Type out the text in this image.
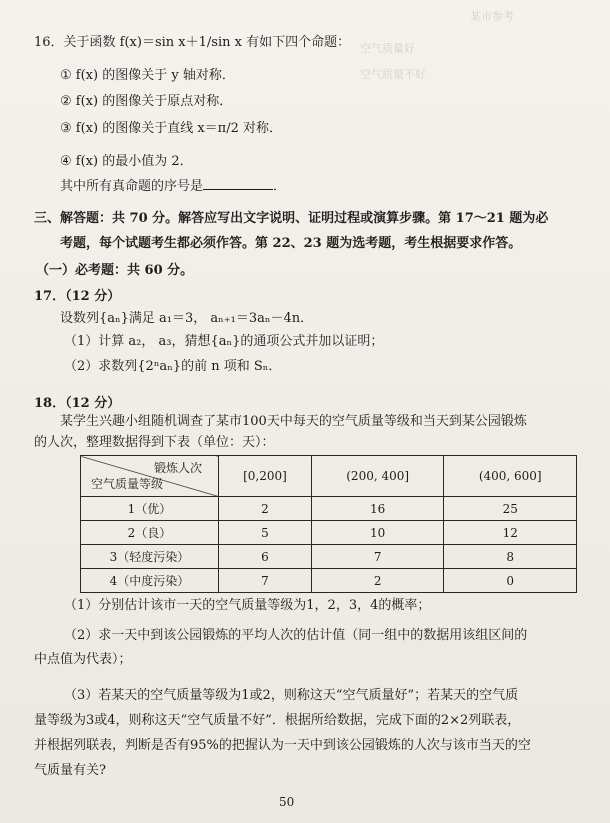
空气质量好
空气质量不好
某市参考
16．关于函数 f(x)＝sin x＋1/sin x 有如下四个命题：
① f(x) 的图像关于 y 轴对称．
② f(x) 的图像关于原点对称．
③ f(x) 的图像关于直线 x＝π/2 对称．
④ f(x) 的最小值为 2．
其中所有真命题的序号是	．
三、解答题：共 70 分。解答应写出文字说明、证明过程或演算步骤。第 17～21 题为必
考题，每个试题考生都必须作答。第 22、23 题为选考题，考生根据要求作答。
（一）必考题：共 60 分。
17．（12 分）
设数列{aₙ}满足 a₁＝3， aₙ₊₁＝3aₙ－4n．
（1）计算 a₂， a₃，猜想{aₙ}的通项公式并加以证明；
（2）求数列{2ⁿaₙ}的前 n 项和 Sₙ．
18．（12 分）
某学生兴趣小组随机调查了某市100天中每天的空气质量等级和当天到某公园锻炼
的人次，整理数据得到下表（单位：天）：
锻炼人次
空气质量等级	[0,200]	(200, 400]	(400, 600]
1（优）	2	16	25
2（良）	5	10	12
3（轻度污染）	6	7	8
4（中度污染）	7	2	0
（1）分别估计该市一天的空气质量等级为1，2，3，4的概率；
（2）求一天中到该公园锻炼的平均人次的估计值（同一组中的数据用该组区间的
中点值为代表）；
（3）若某天的空气质量等级为1或2，则称这天“空气质量好”；若某天的空气质
量等级为3或4，则称这天“空气质量不好”．根据所给数据，完成下面的2×2列联表，
并根据列联表，判断是否有95%的把握认为一天中到该公园锻炼的人次与该市当天的空
气质量有关?
50
